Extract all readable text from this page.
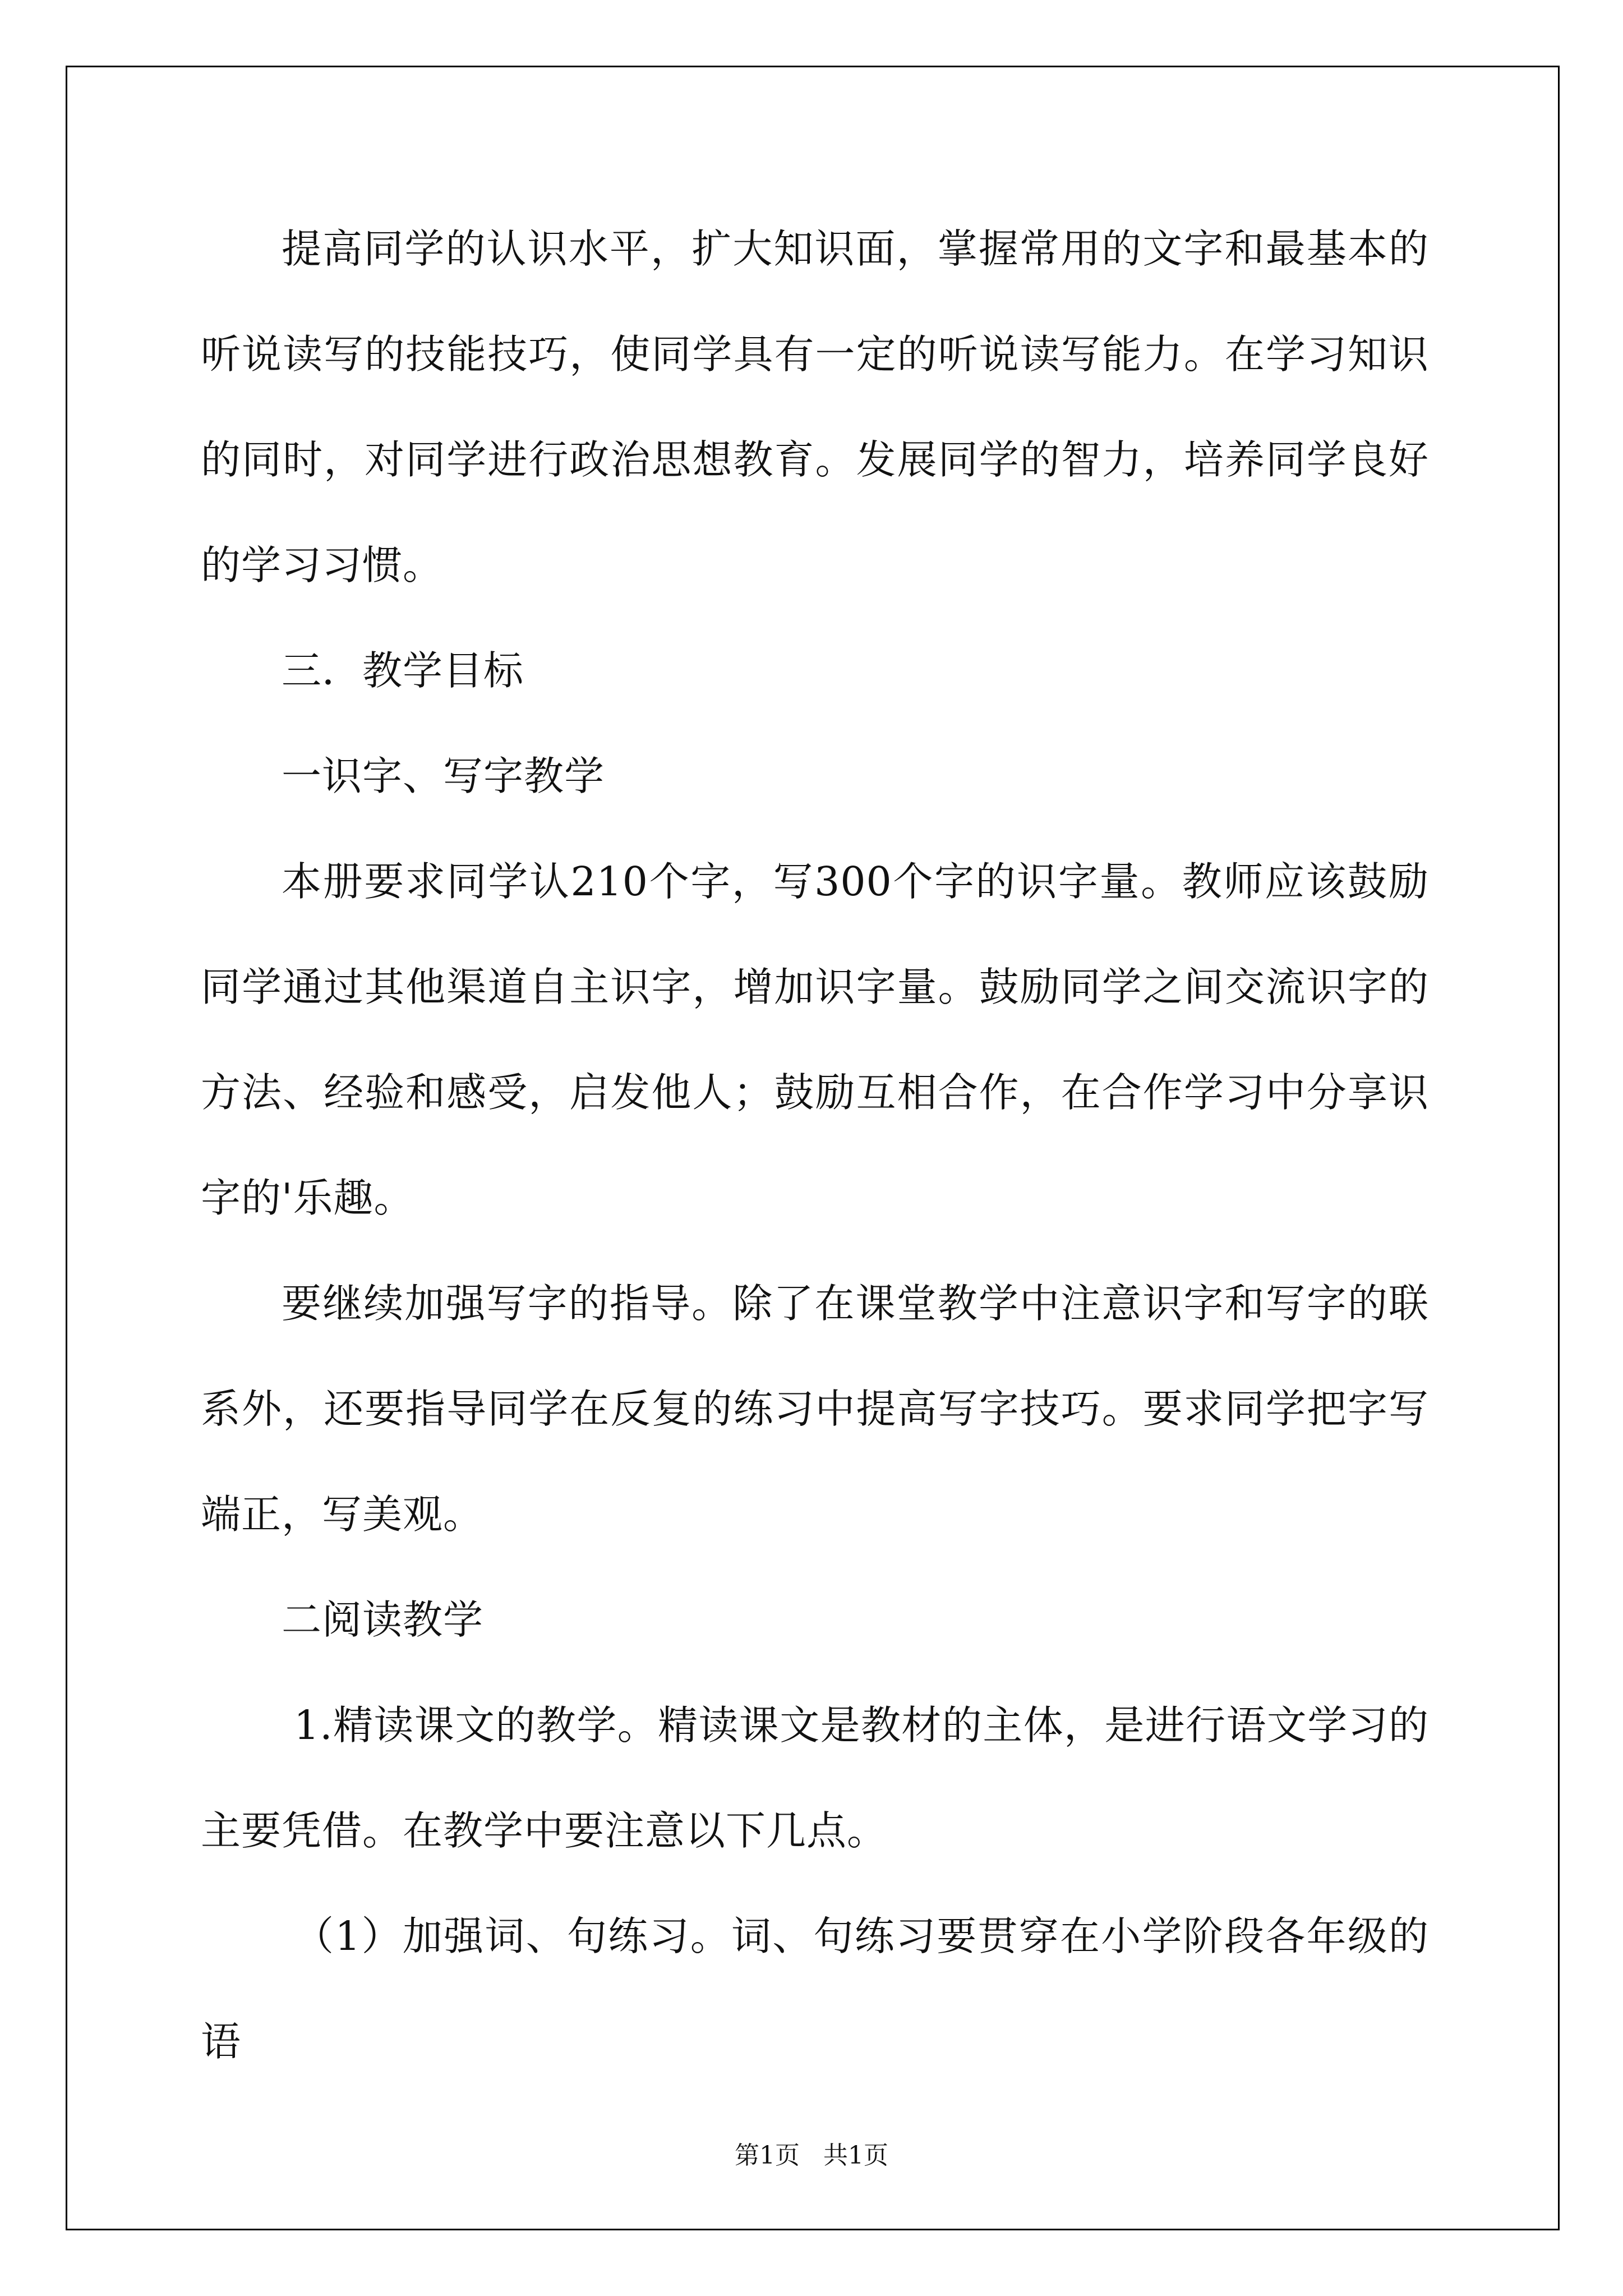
提高同学的认识水平，扩大知识面，掌握常用的文字和最基本的听说读写的技能技巧，使同学具有一定的听说读写能力。在学习知识的同时，对同学进行政治思想教育。发展同学的智力，培养同学良好的学习习惯。

三．教学目标

一识字、写字教学

本册要求同学认210个字，写300个字的识字量。教师应该鼓励同学通过其他渠道自主识字，增加识字量。鼓励同学之间交流识字的方法、经验和感受，启发他人；鼓励互相合作，在合作学习中分享识字的'乐趣。

要继续加强写字的指导。除了在课堂教学中注意识字和写字的联系外，还要指导同学在反复的练习中提高写字技巧。要求同学把字写端正，写美观。

二阅读教学

1.精读课文的教学。精读课文是教材的主体，是进行语文学习的主要凭借。在教学中要注意以下几点。

（1）加强词、句练习。词、句练习要贯穿在小学阶段各年级的语

第1页   共1页
